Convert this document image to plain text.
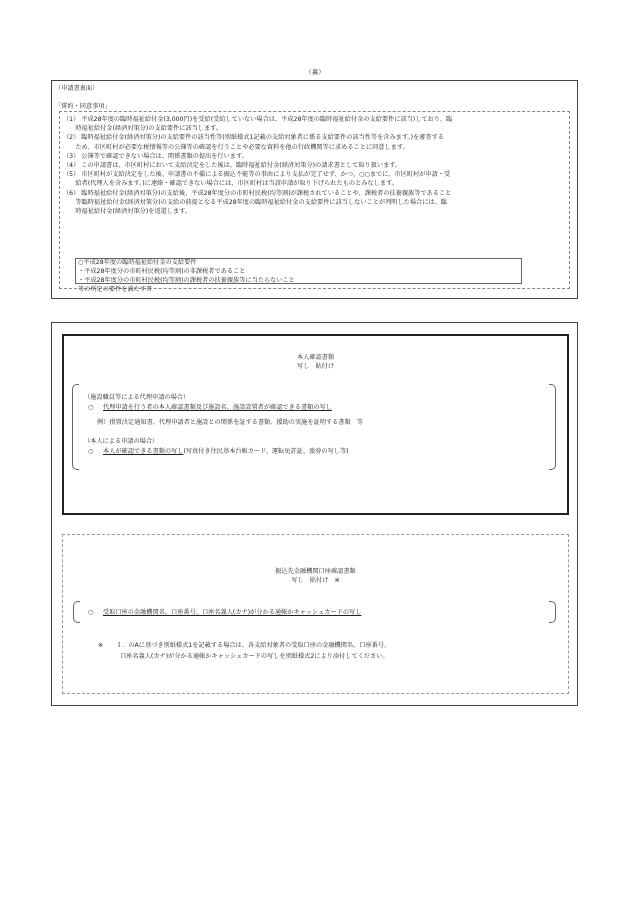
（裏）
（申請書裏面）
「誓約・同意事項」
（1） 平成28年度の臨時福祉給付金(3,000円)を受給(受給していない場合は、平成28年度の臨時福祉給付金の支給要件に該当)しており、臨
　　時福祉給付金(経済対策分)の支給要件に該当します。
（2） 臨時福祉給付金(経済対策分)の支給要件の該当性等(別紙様式1記載の支給対象者に係る支給要件の該当性等を含みます。)を審査する
　　ため、市区町村が必要な税情報等の公簿等の確認を行うことや必要な資料を他の行政機関等に求めることに同意します。
（3） 公簿等で確認できない場合は、関係書類の提出を行います。
（4） この申請書は、市区町村において支給決定をした後は、臨時福祉給付金(経済対策分)の請求書として取り扱います。
（5） 市区町村が支給決定をした後、申請書の不備による振込不能等の事由により支払が完了せず、かつ、○○までに、市区町村が申請・受
　　給者(代理人を含みます。)に連絡・確認できない場合には、市区町村は当該申請が取り下げられたものとみなします。
（6） 臨時福祉給付金(経済対策分)の支給後、平成28年度分の市町村民税(均等割)が課税されていることや、課税者の扶養親族等であること
　　等臨時福祉給付金(経済対策分)の支給の前提となる平成28年度の臨時福祉給付金の支給要件に該当しないことが判明した場合には、臨
　　時福祉給付金(経済対策分)を返還します。
○平成28年度の臨時福祉給付金の支給要件
・平成28年度分の市町村民税(均等割)の非課税者であること
・平成28年度分の市町村民税(均等割)の課税者の扶養親族等に当たらないこと
等の所定の要件を満たす者
本人確認書類
写し　貼付け
（施設職員等による代理申請の場合）
○ 代理申請を行う者の本人確認書類及び施設名、施設設置者が確認できる書類の写し
例）措置決定通知書、代理申請者と施設との関係を証する書類、援助の実施を証明する書類　等
（本人による申請の場合）
○ 本人が確認できる書類の写し(写真付き住民基本台帳カード、運転免許証、旅券の写し等)
振込先金融機関口座確認書類
写し　貼付け　※
○ 受取口座の金融機関名、口座番号、口座名義人(カナ)が分かる通帳かキャッシュカードの写し
※ １．のAに基づき別紙様式1を記載する場合は、各支給対象者の受取口座の金融機関名、口座番号、
口座名義人(カナ)が分かる通帳かキャッシュカードの写しを別紙様式2により添付してください。
